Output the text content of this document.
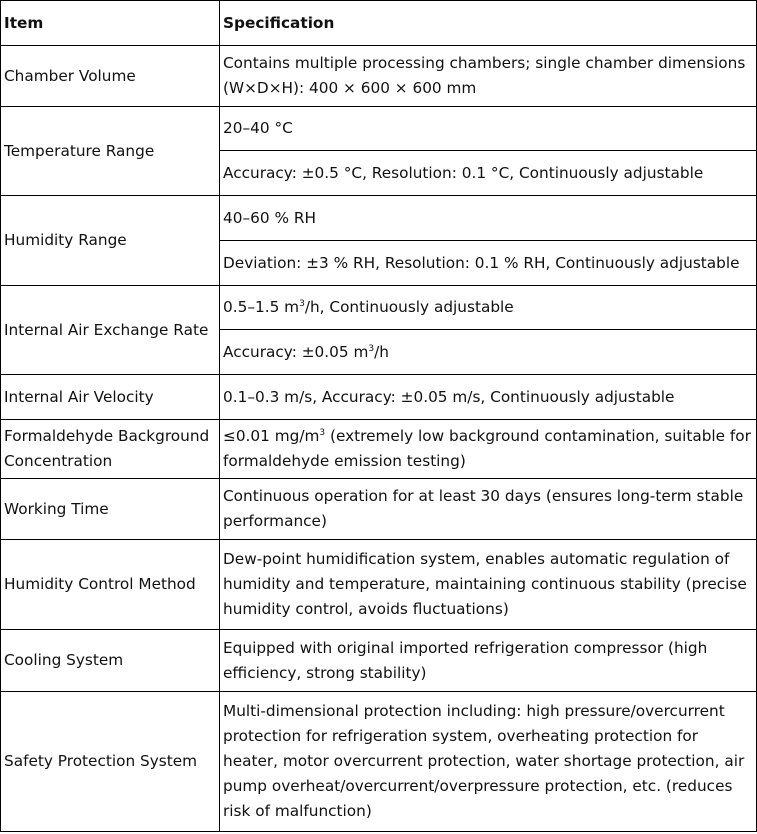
Item	Specification
Chamber Volume	Contains multiple processing chambers; single chamber dimensions (W×D×H): 400 × 600 × 600 mm
Temperature Range	20–40 °C
	Accuracy: ±0.5 °C, Resolution: 0.1 °C, Continuously adjustable
Humidity Range	40–60 % RH
	Deviation: ±3 % RH, Resolution: 0.1 % RH, Continuously adjustable
Internal Air Exchange Rate	0.5–1.5 $m^3/h$, Continuously adjustable
	Accuracy: ±0.05 $m^3/h$
Internal Air Velocity	0.1–0.3 m/s, Accuracy: ±0.05 m/s, Continuously adjustable
Formaldehyde Background Concentration	≤0.01 $mg/m^3$ (extremely low background contamination, suitable for formaldehyde emission testing)
Working Time	Continuous operation for at least 30 days (ensures long-term stable performance)
Humidity Control Method	Dew-point humidification system, enables automatic regulation of humidity and temperature, maintaining continuous stability (precise humidity control, avoids fluctuations)
Cooling System	Equipped with original imported refrigeration compressor (high efficiency, strong stability)
Safety Protection System	Multi-dimensional protection including: high pressure/overcurrent protection for refrigeration system, overheating protection for heater, motor overcurrent protection, water shortage protection, air pump overheat/overcurrent/overpressure protection, etc. (reduces risk of malfunction)
